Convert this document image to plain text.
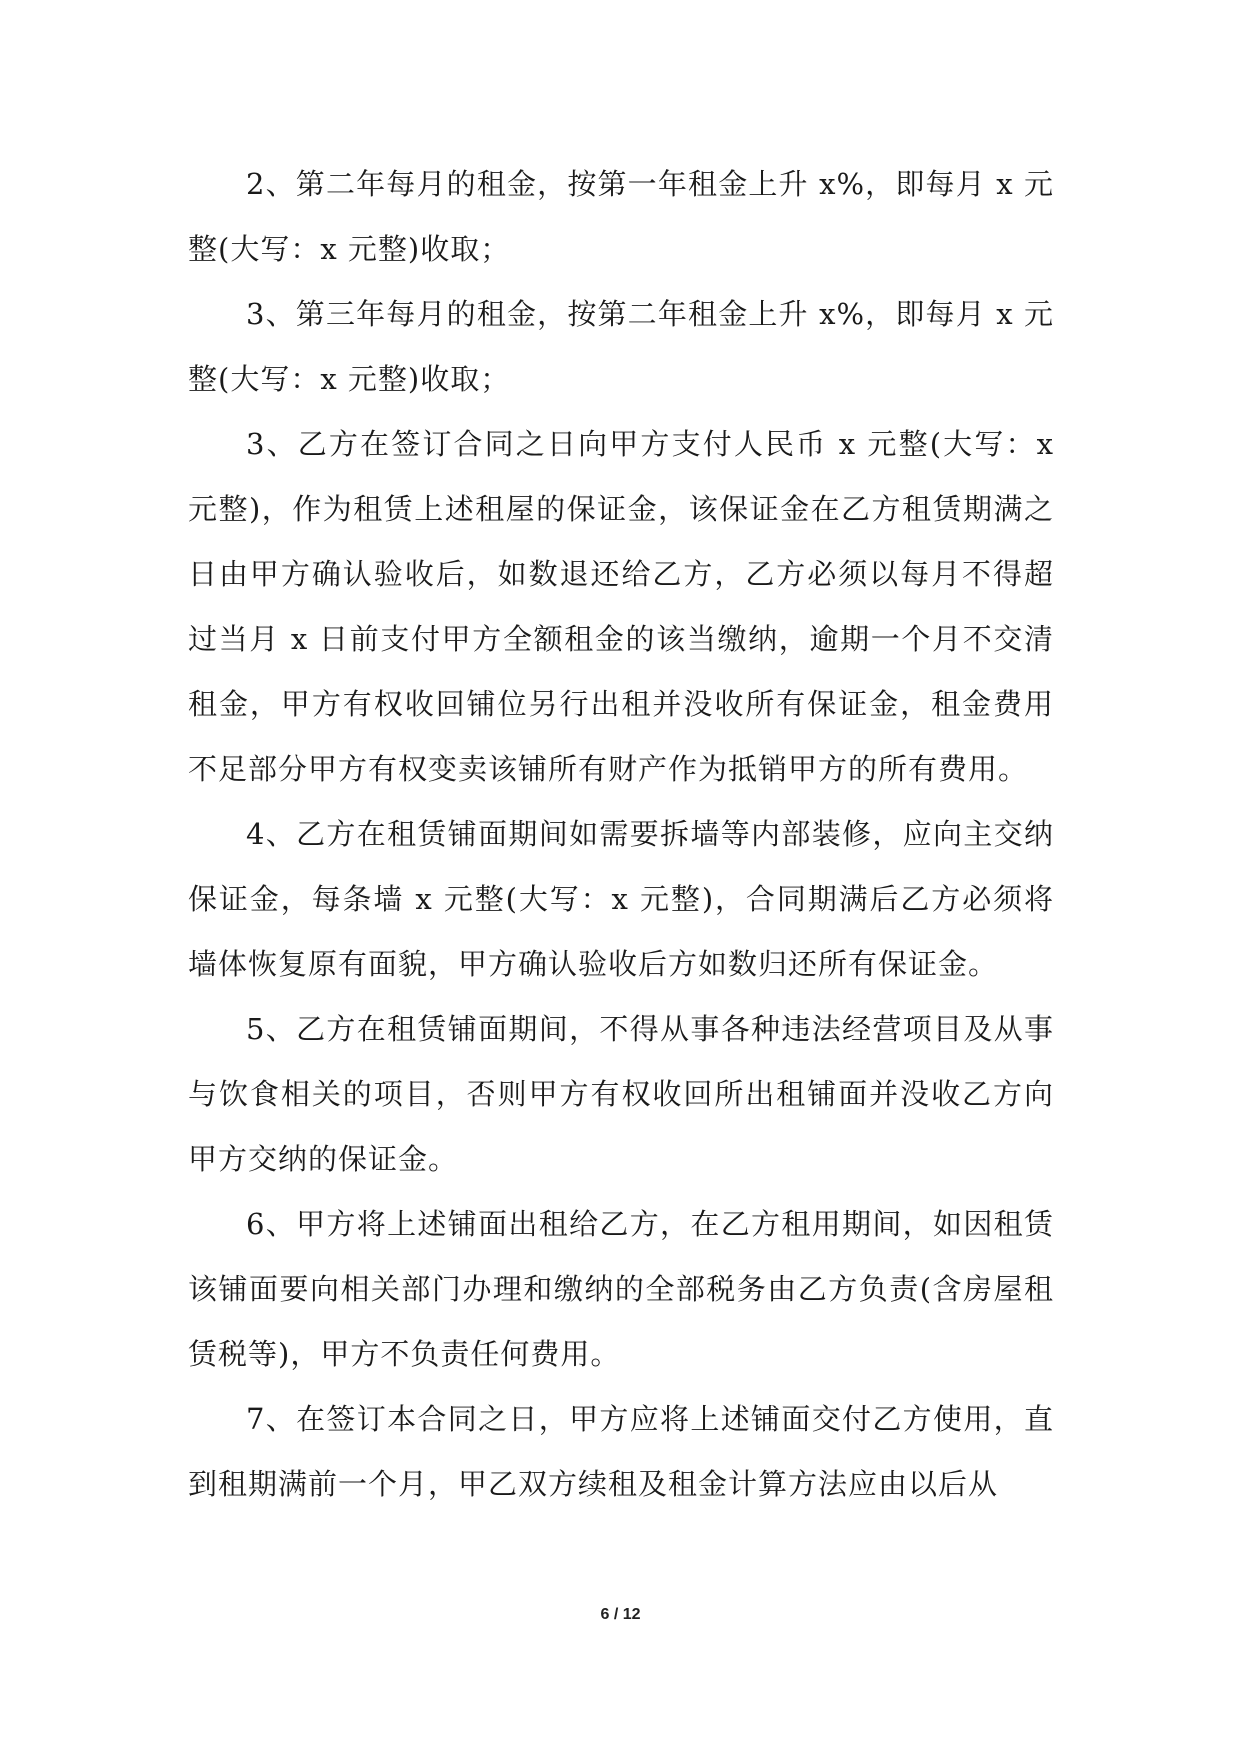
2、第二年每月的租金，按第一年租金上升 x%，即每月 x 元整(大写：x 元整)收取；

3、第三年每月的租金，按第二年租金上升 x%，即每月 x 元整(大写：x 元整)收取；

3、乙方在签订合同之日向甲方支付人民币 x 元整(大写：x 元整)，作为租赁上述租屋的保证金，该保证金在乙方租赁期满之日由甲方确认验收后，如数退还给乙方，乙方必须以每月不得超过当月 x 日前支付甲方全额租金的该当缴纳，逾期一个月不交清租金，甲方有权收回铺位另行出租并没收所有保证金，租金费用不足部分甲方有权变卖该铺所有财产作为抵销甲方的所有费用。

4、乙方在租赁铺面期间如需要拆墙等内部装修，应向主交纳保证金，每条墙 x 元整(大写：x 元整)，合同期满后乙方必须将墙体恢复原有面貌，甲方确认验收后方如数归还所有保证金。

5、乙方在租赁铺面期间，不得从事各种违法经营项目及从事与饮食相关的项目，否则甲方有权收回所出租铺面并没收乙方向甲方交纳的保证金。

6、甲方将上述铺面出租给乙方，在乙方租用期间，如因租赁该铺面要向相关部门办理和缴纳的全部税务由乙方负责(含房屋租赁税等)，甲方不负责任何费用。

7、在签订本合同之日，甲方应将上述铺面交付乙方使用，直到租期满前一个月，甲乙双方续租及租金计算方法应由以后从

6 / 12
